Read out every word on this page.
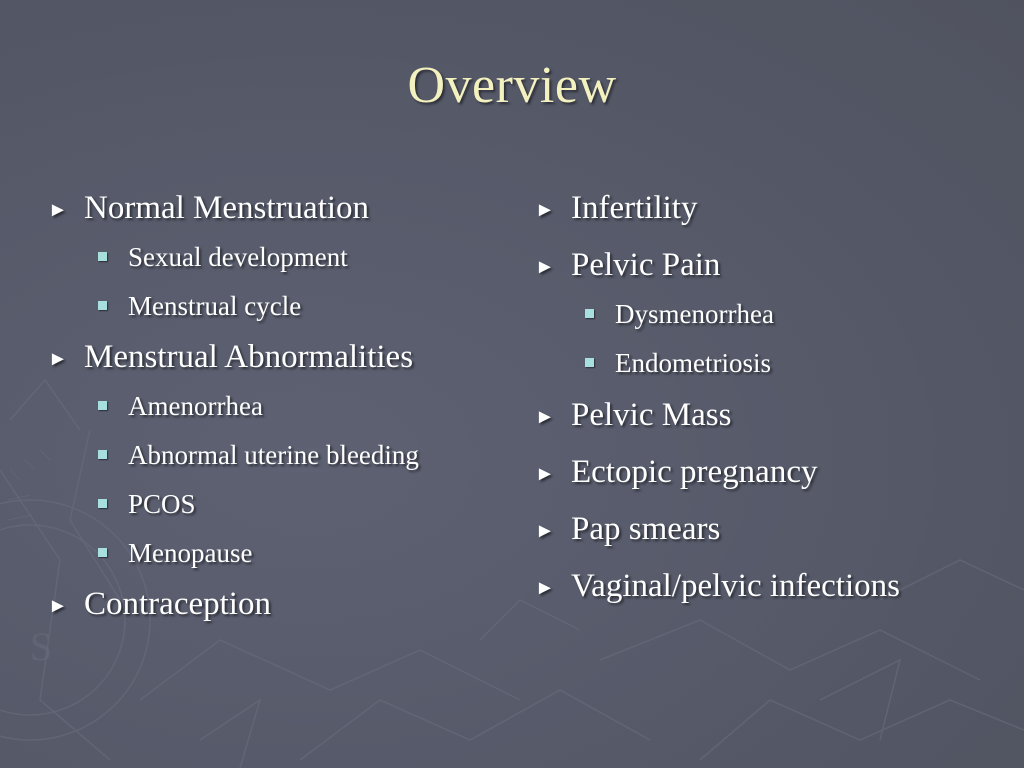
S
Overview
► Normal Menstruation
Sexual development
Menstrual cycle
► Menstrual Abnormalities
Amenorrhea
Abnormal uterine bleeding
PCOS
Menopause
► Contraception
► Infertility
► Pelvic Pain
Dysmenorrhea
Endometriosis
► Pelvic Mass
► Ectopic pregnancy
► Pap smears
► Vaginal/pelvic infections
